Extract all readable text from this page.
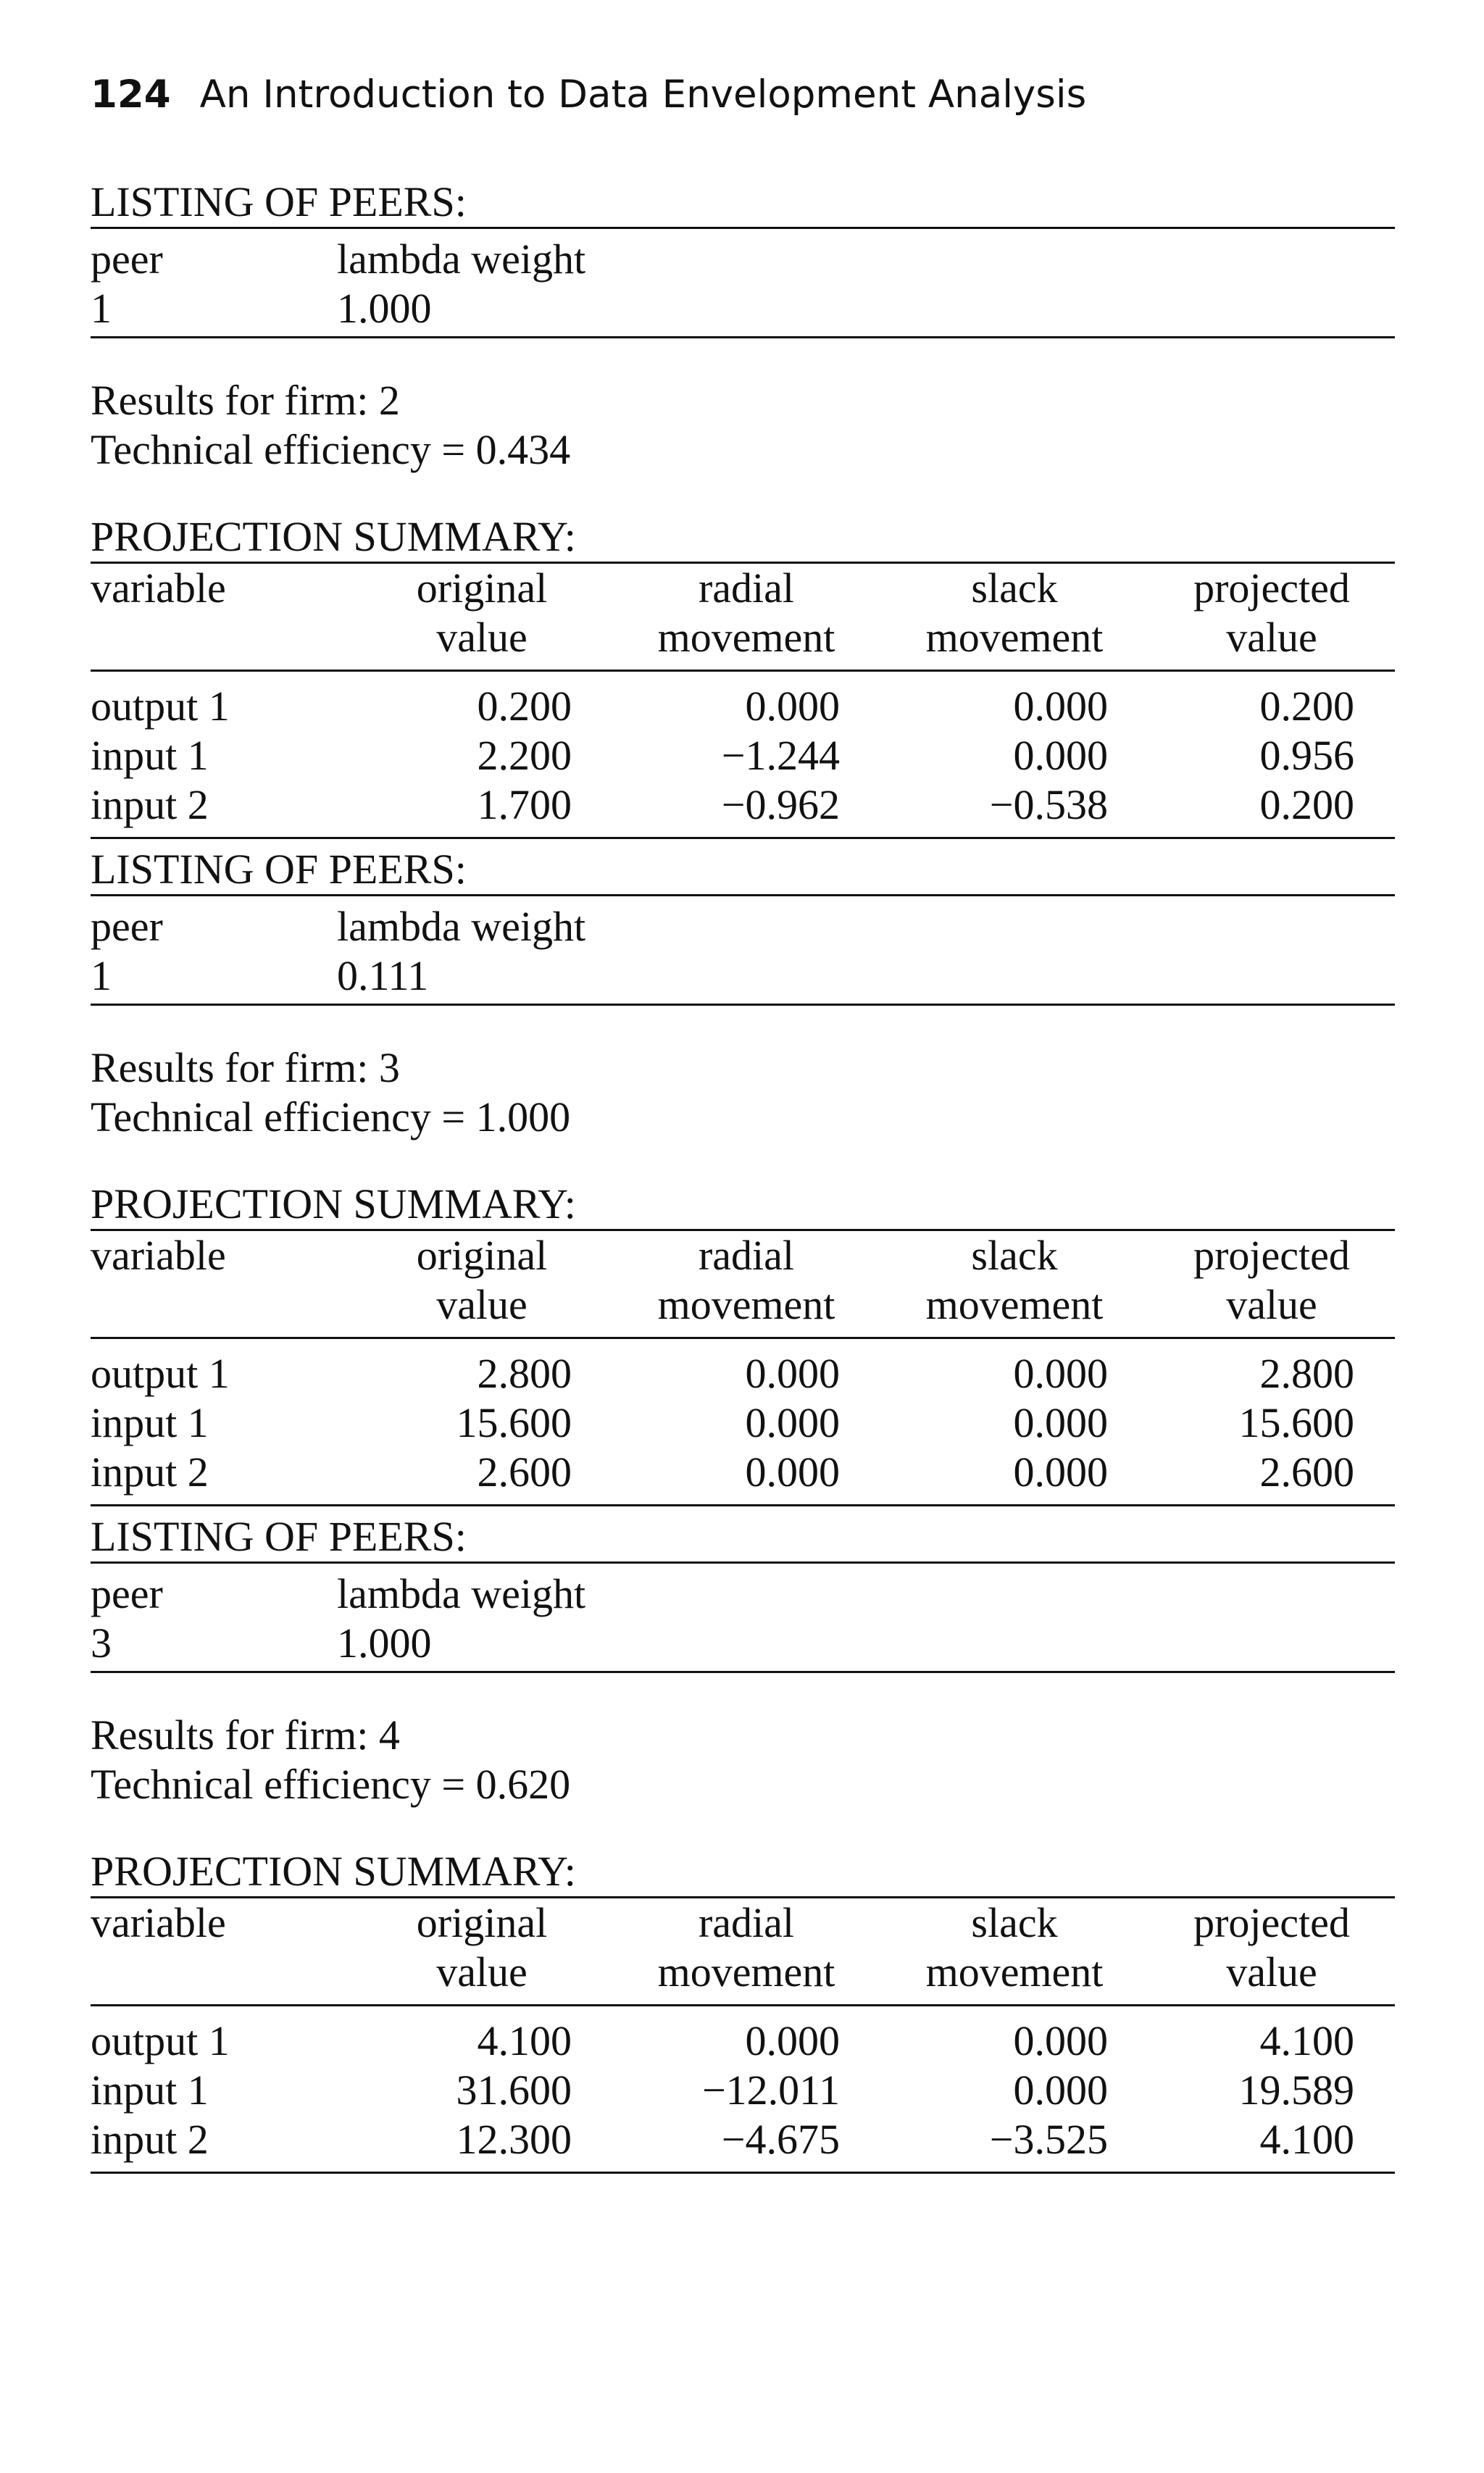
124 An Introduction to Data Envelopment Analysis
LISTING OF PEERS:
peer	lambda weight
1	1.000
Results for firm: 2
Technical efficiency = 0.434
PROJECTION SUMMARY:
variable	original	radial	slack	projected
	value	movement	movement	value

output 1	0.200	0.000	0.000	0.200
input 1	2.200	−1.244	0.000	0.956
input 2	1.700	−0.962	−0.538	0.200
LISTING OF PEERS:
peer	lambda weight
1	0.111
Results for firm: 3
Technical efficiency = 1.000
PROJECTION SUMMARY:
variable	original	radial	slack	projected
	value	movement	movement	value

output 1	2.800	0.000	0.000	2.800
input 1	15.600	0.000	0.000	15.600
input 2	2.600	0.000	0.000	2.600
LISTING OF PEERS:
peer	lambda weight
3	1.000
Results for firm: 4
Technical efficiency = 0.620
PROJECTION SUMMARY:
variable	original	radial	slack	projected
	value	movement	movement	value

output 1	4.100	0.000	0.000	4.100
input 1	31.600	−12.011	0.000	19.589
input 2	12.300	−4.675	−3.525	4.100
